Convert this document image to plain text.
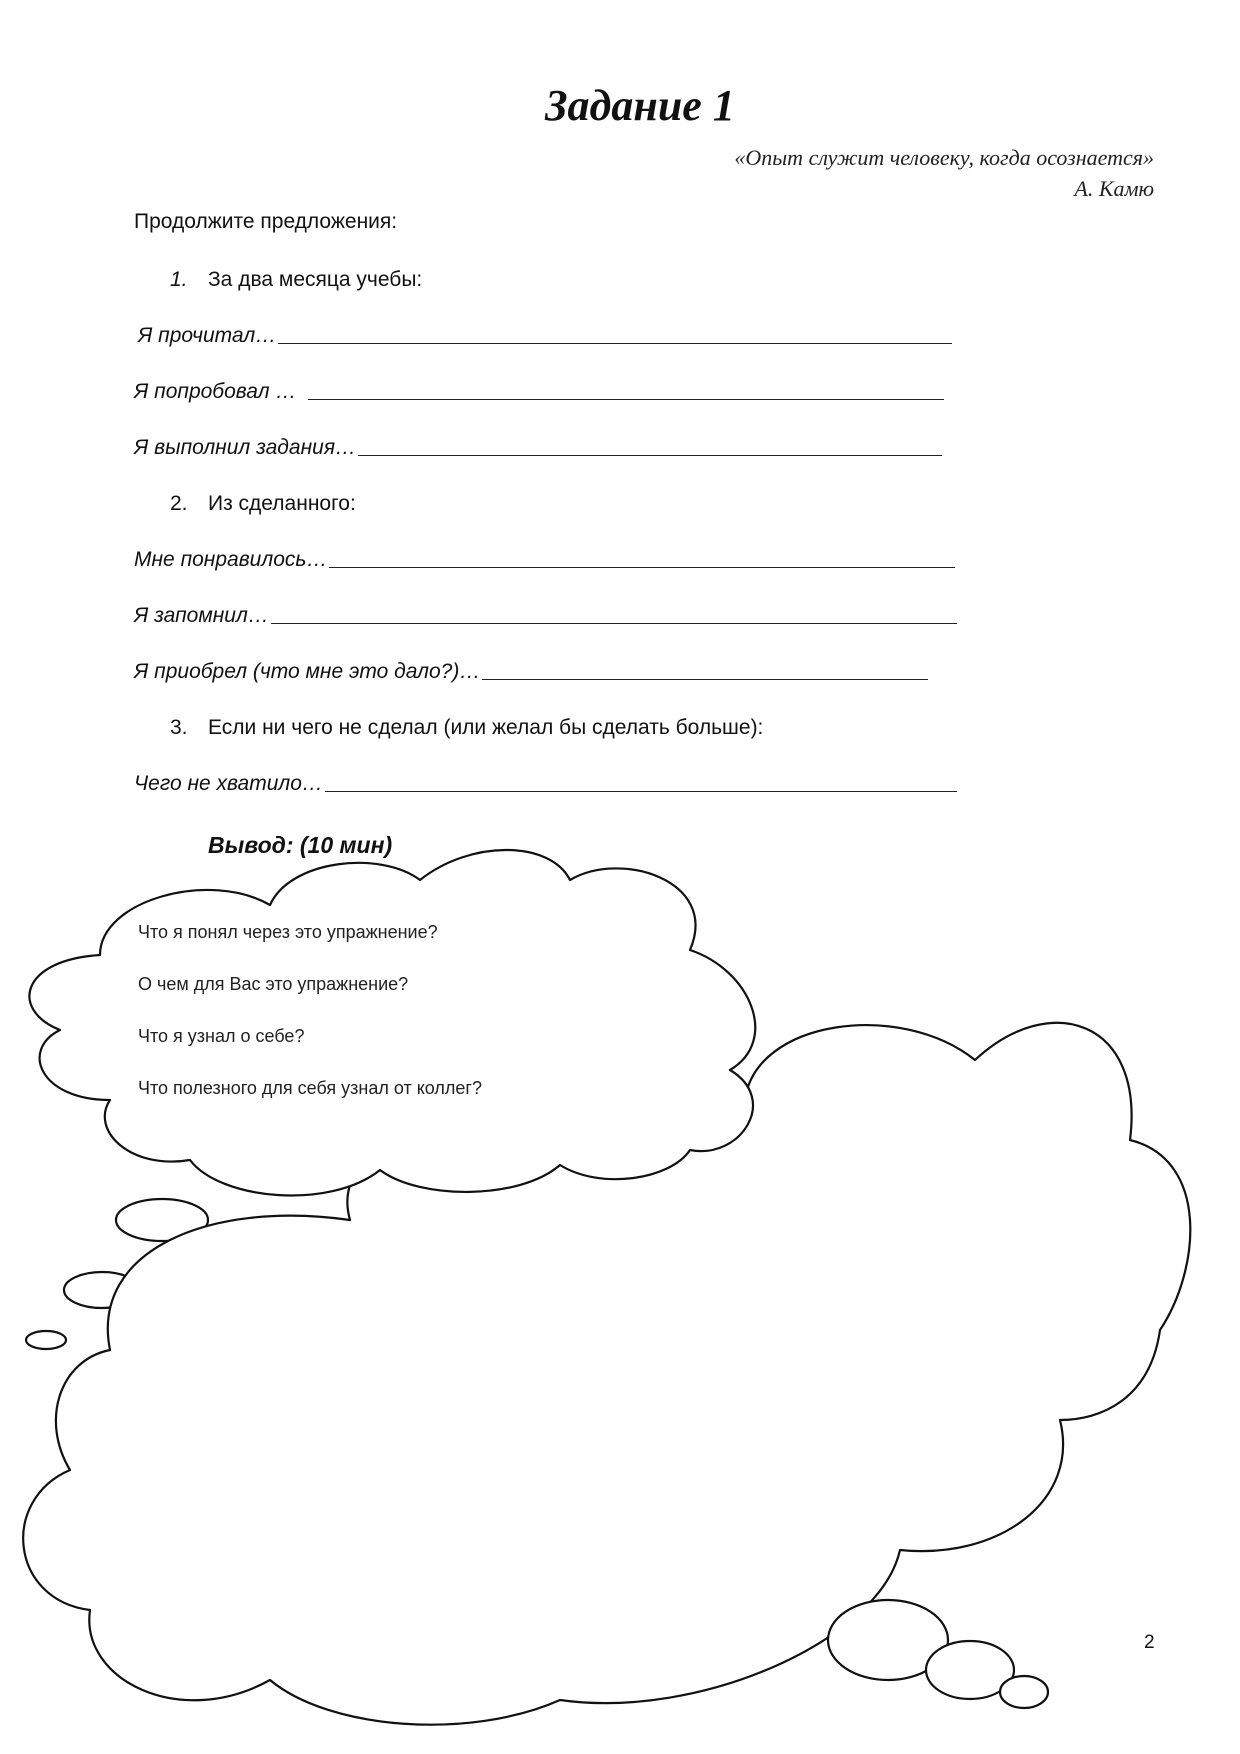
Задание 1
«Опыт служит человеку, когда осознается»
А. Камю
Продолжите предложения:
1. За два месяца учебы:
Я прочитал…
Я попробовал …
Я выполнил задания…
2. Из сделанного:
Мне понравилось…
Я запомнил…
Я приобрел (что мне это дало?)…
3. Если ни чего не сделал (или желал бы сделать больше):
Чего не хватило…
Вывод: (10 мин)
Что я понял через это упражнение?
О чем для Вас это упражнение?
Что я узнал о себе?
Что полезного для себя узнал от коллег?
2
